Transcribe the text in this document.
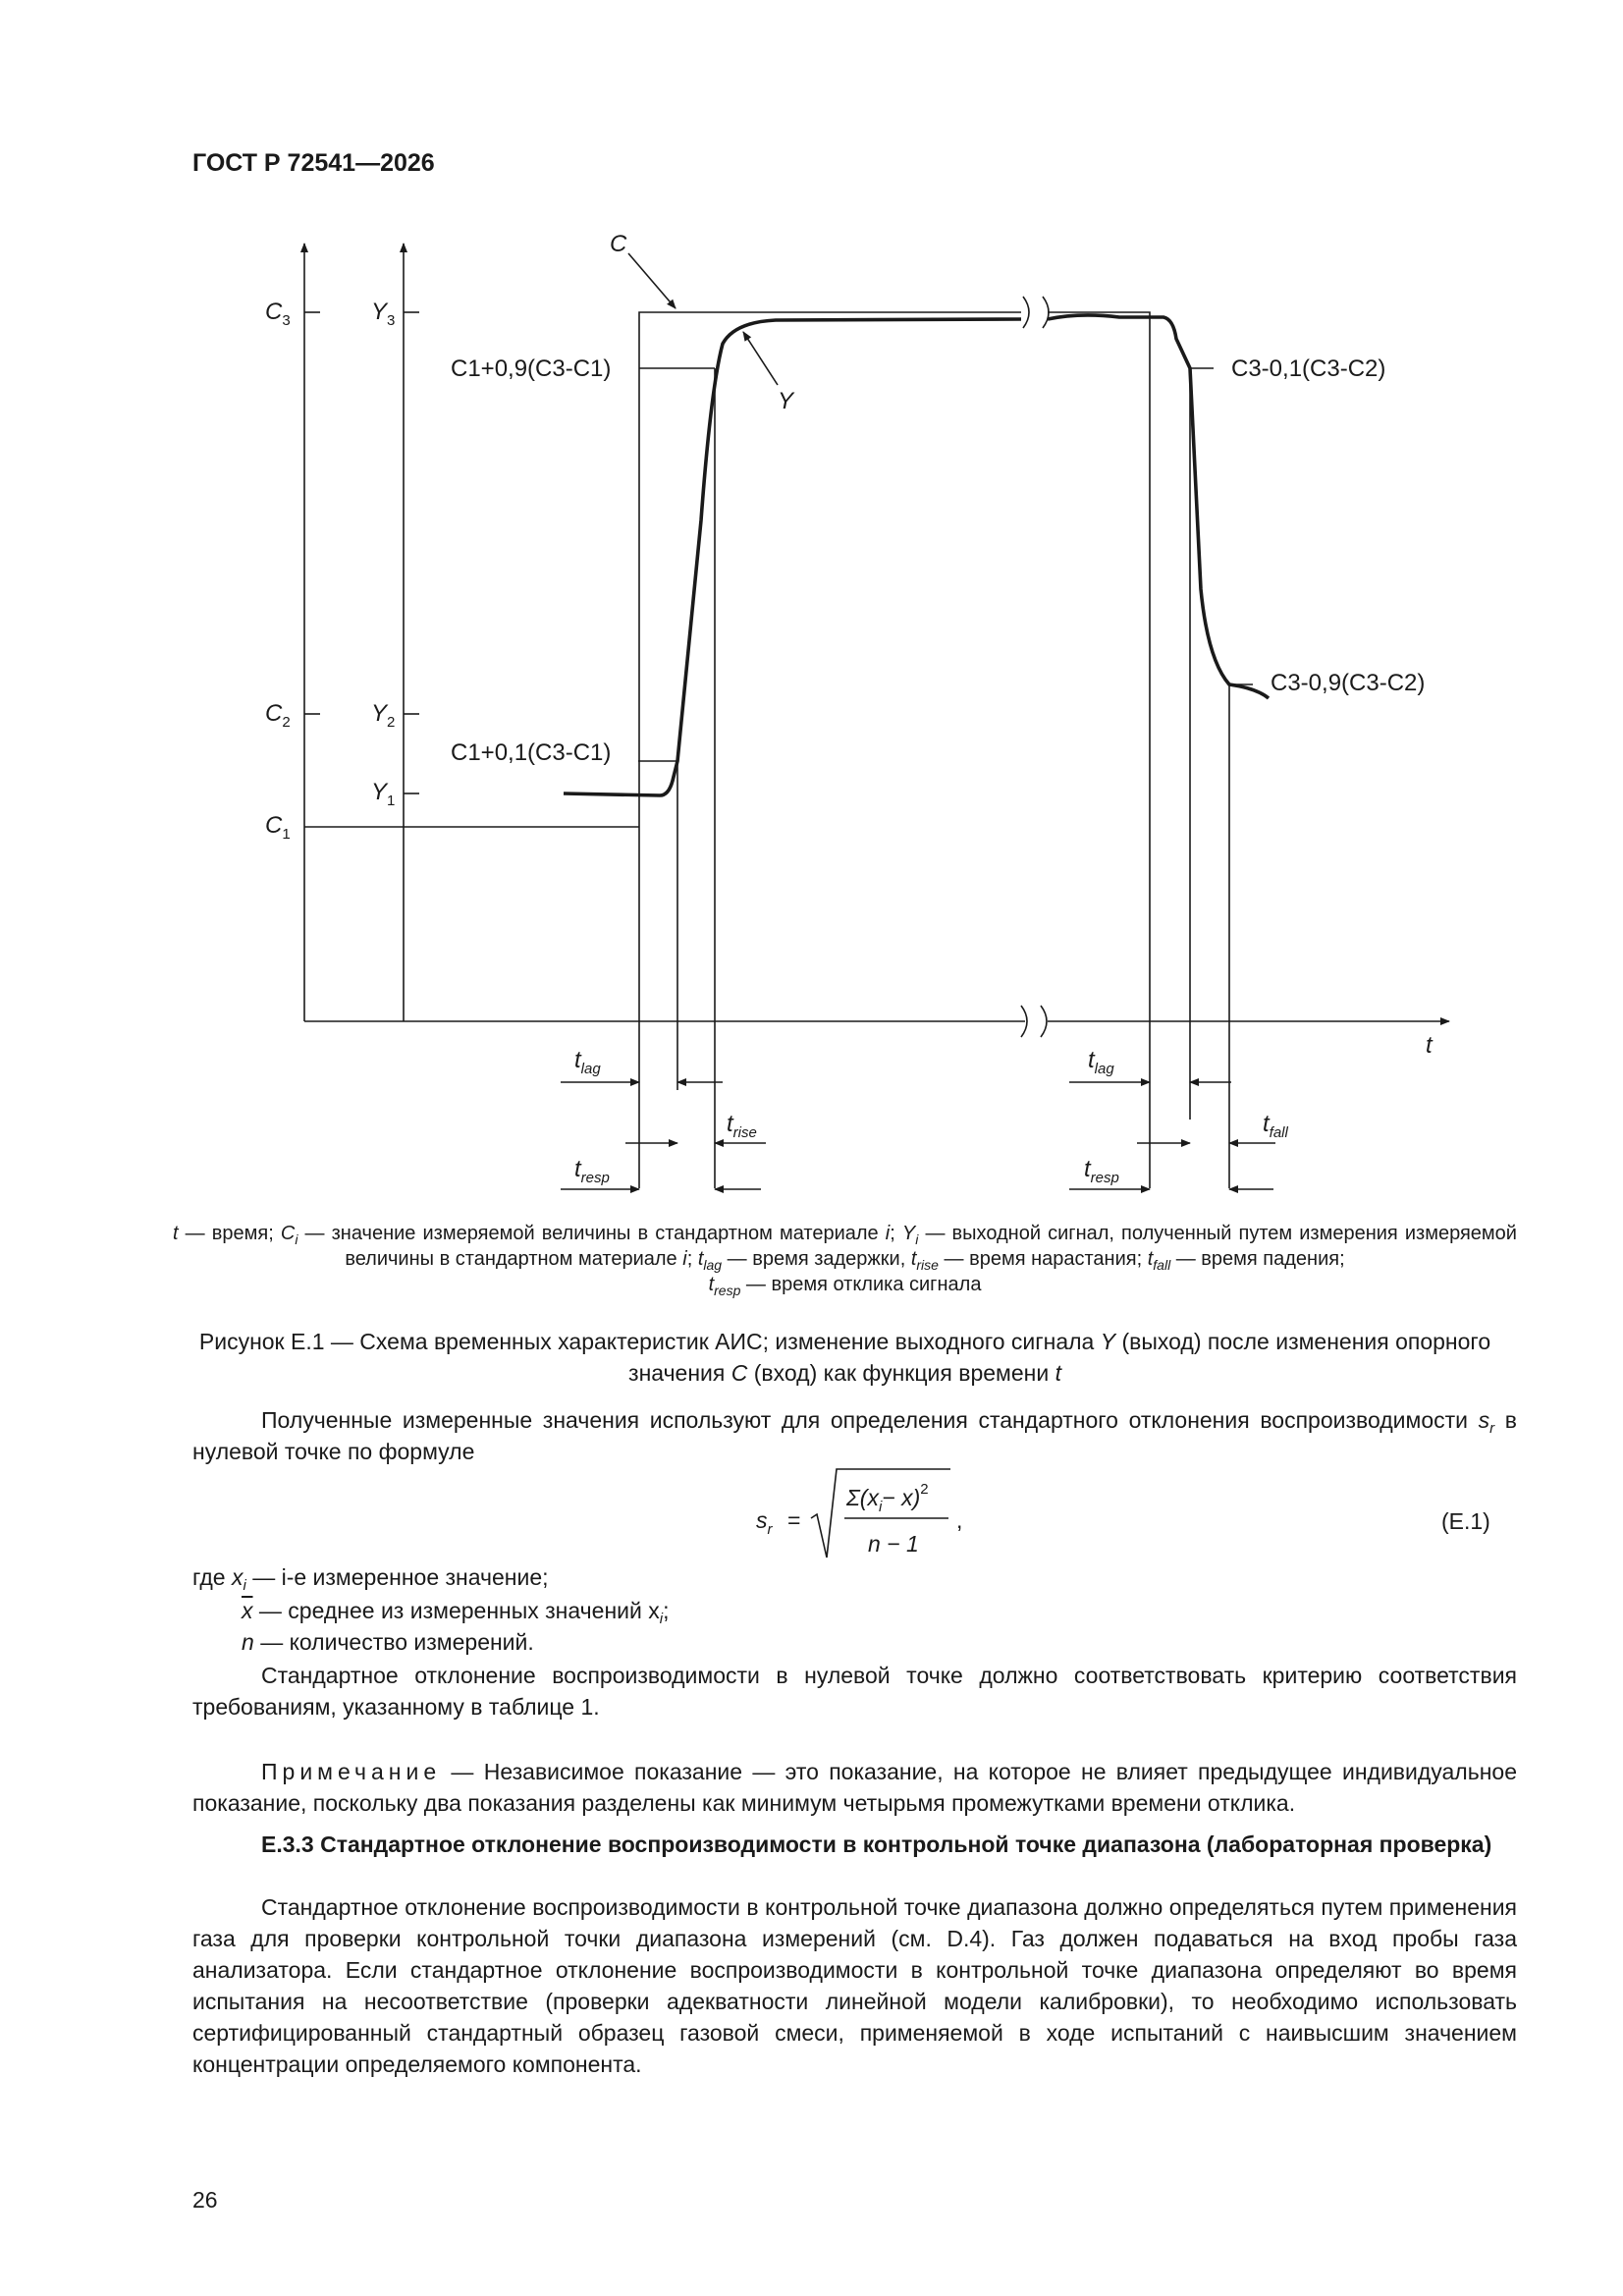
ГОСТ Р 72541—2026
C
Y
t
$C_3$
$C_2$
$C_1$
$Y_3$
$Y_2$
$Y_1$
C1+0,9(C3-C1)
C1+0,1(C3-C1)
C3-0,1(C3-C2)
C3-0,9(C3-C2)
$t_{lag}$
$t_{rise}$
$t_{resp}$
$t_{lag}$
$t_{fall}$
$t_{resp}$
t — время; $C_i$ — значение измеряемой величины в стандартном материале i; $Y_i$ — выходной сигнал, полученный путем измерения измеряемой величины в стандартном материале i; $t_{lag}$ — время задержки, $t_{rise}$ — время нарастания; $t_{fall}$ — время падения;
$t_{resp}$ — время отклика сигнала
Рисунок Е.1 — Схема временных характеристик АИС; изменение выходного сигнала Y (выход) после изменения опорного значения C (вход) как функция времени t
Полученные измеренные значения используют для определения стандартного отклонения воспроизводимости $s_r$ в нулевой точке по формуле
$s_r$ =
$\Sigma(x_i- x)^2$
n − 1
,	(Е.1)
где $x_i$ — i-е измеренное значение;
$\overline{x}$ — среднее из измеренных значений $x_i$;
n — количество измерений.
Стандартное отклонение воспроизводимости в нулевой точке должно соответствовать критерию соответствия требованиям, указанному в таблице 1.
Примечание — Независимое показание — это показание, на которое не влияет предыдущее индивидуальное показание, поскольку два показания разделены как минимум четырьмя промежутками времени отклика.
Е.3.3 Стандартное отклонение воспроизводимости в контрольной точке диапазона (лабораторная проверка)
Стандартное отклонение воспроизводимости в контрольной точке диапазона должно определяться путем применения газа для проверки контрольной точки диапазона измерений (см. D.4). Газ должен подаваться на вход пробы газа анализатора. Если стандартное отклонение воспроизводимости в контрольной точке диапазона определяют во время испытания на несоответствие (проверки адекватности линейной модели калибровки), то необходимо использовать сертифицированный стандартный образец газовой смеси, применяемой в ходе испытаний с наивысшим значением концентрации определяемого компонента.
26
